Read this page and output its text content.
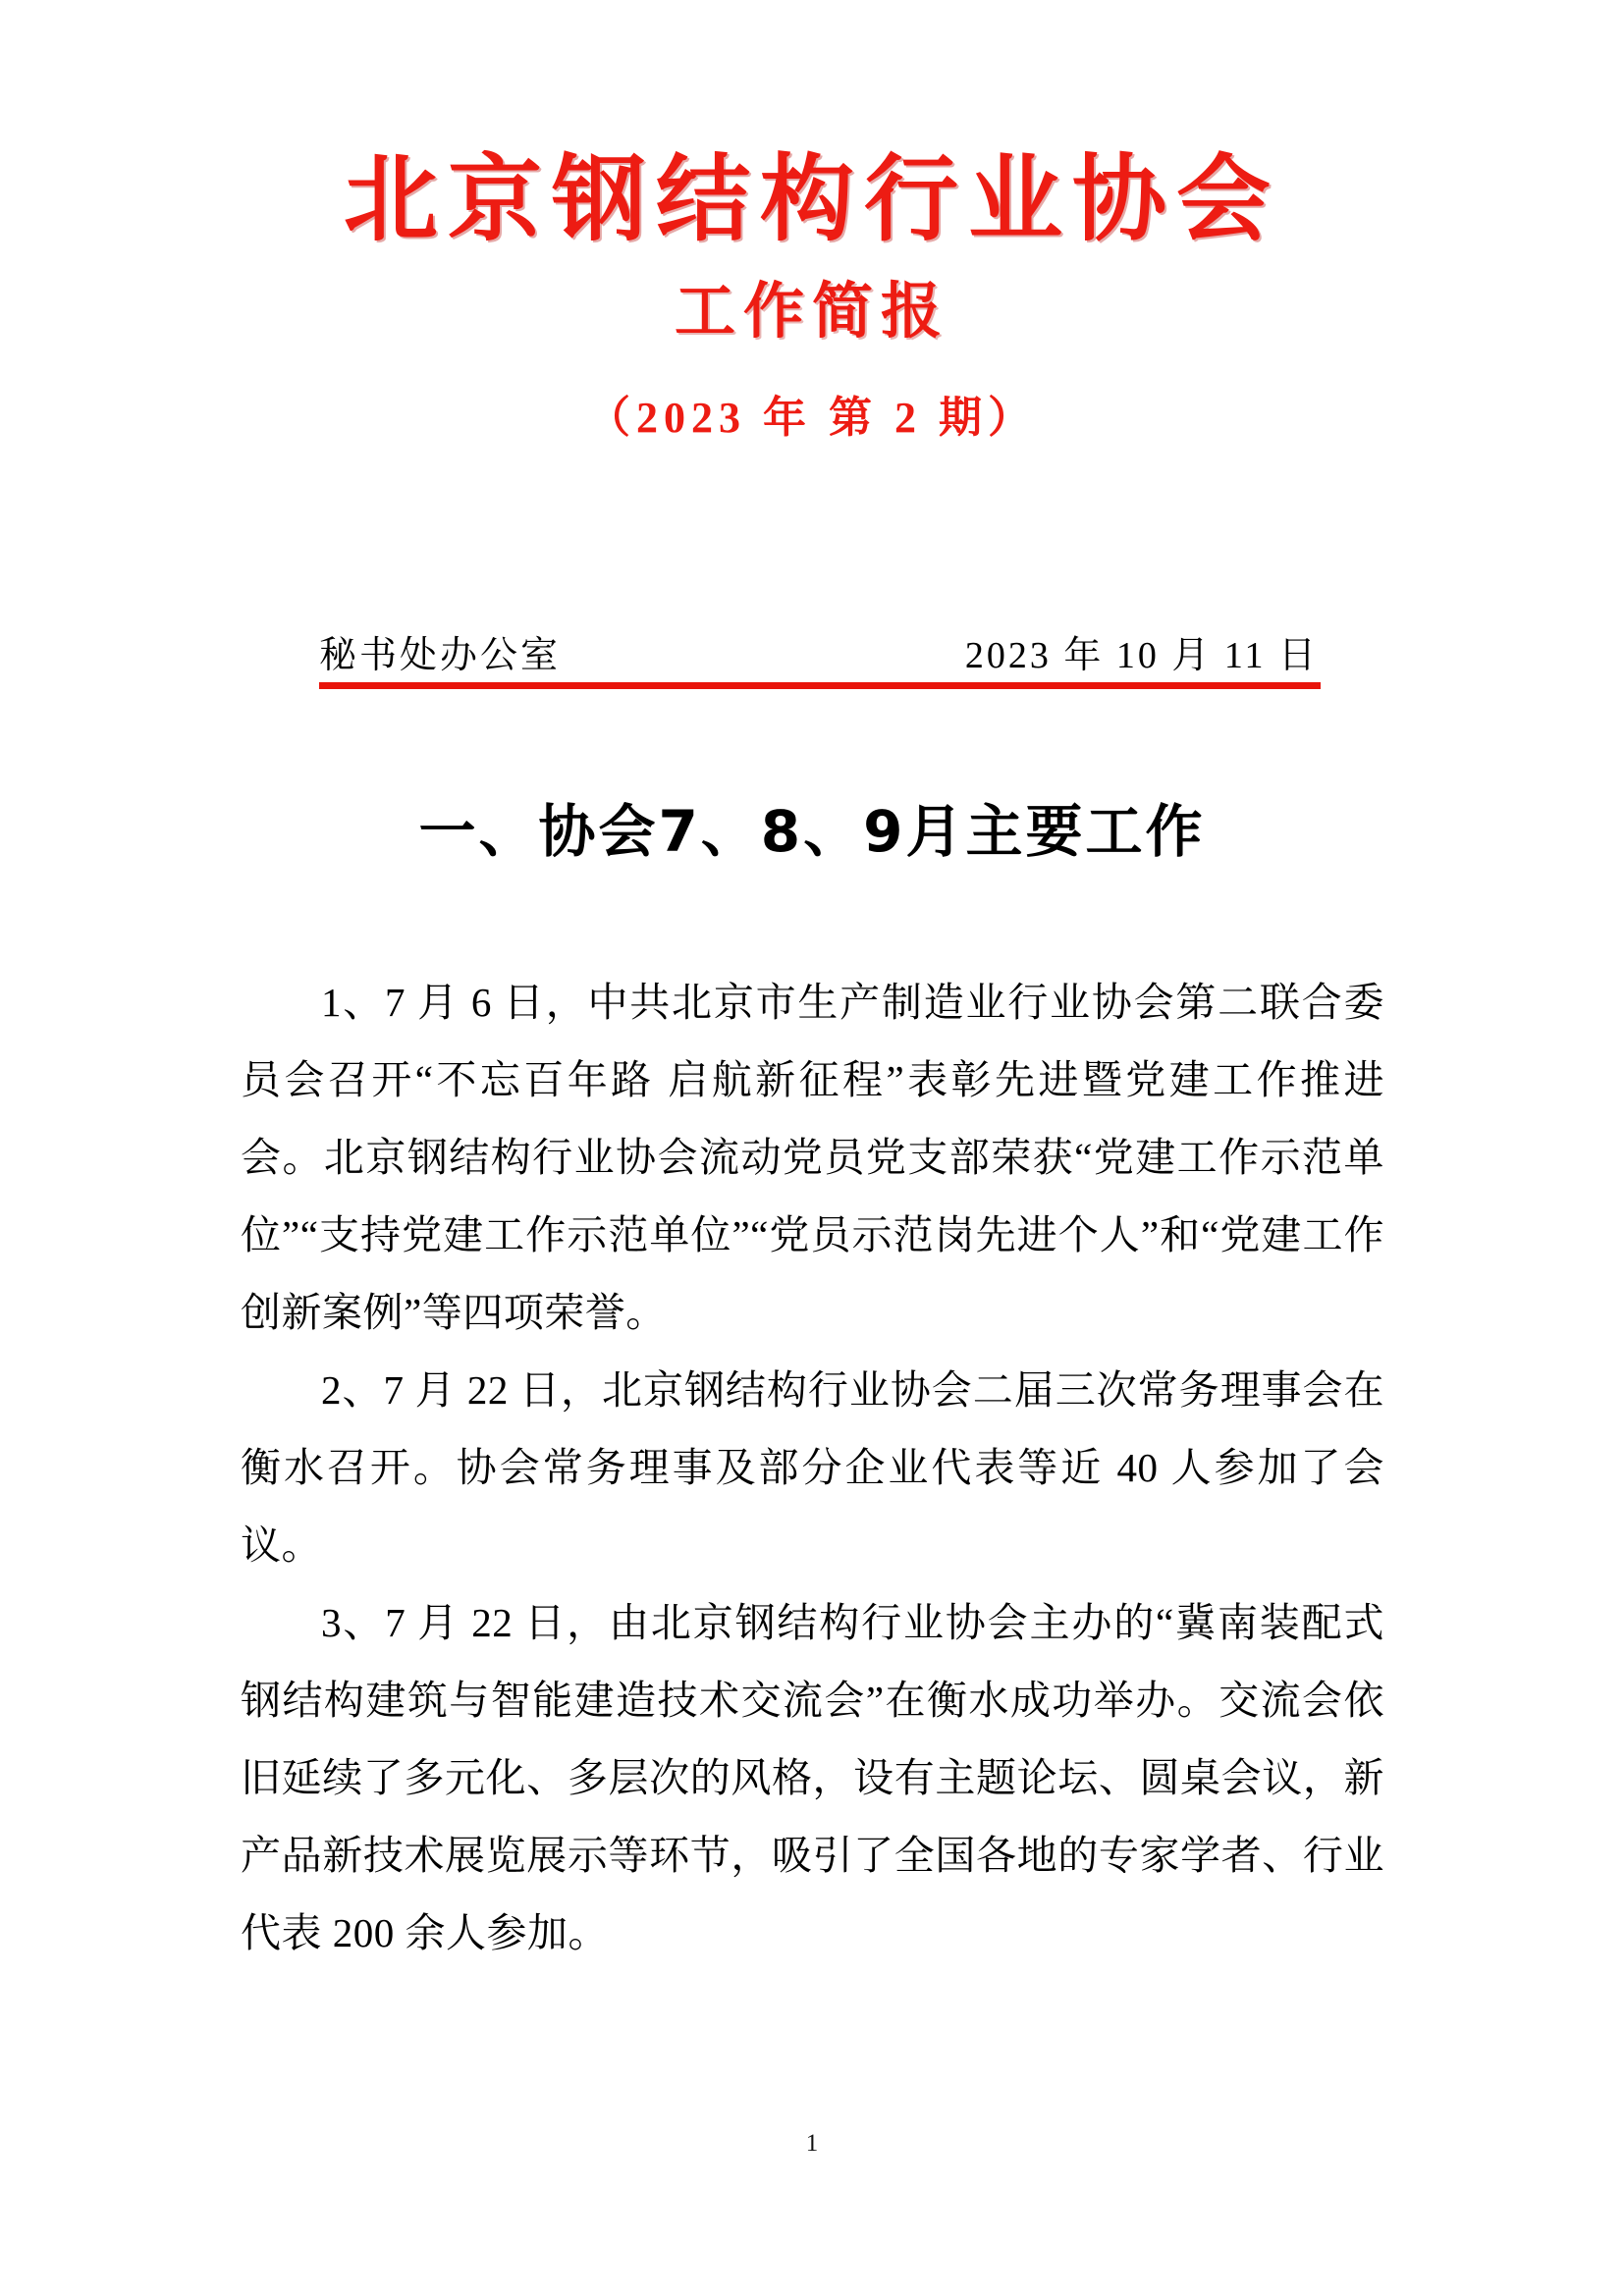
北京钢结构行业协会
工作简报
（2023 年 第 2 期）
秘书处办公室	2023 年 10 月 11 日
一、协会7、8、9月主要工作

1、7 月 6 日，中共北京市生产制造业行业协会第二联合委员会召开“不忘百年路 启航新征程”表彰先进暨党建工作推进会。北京钢结构行业协会流动党员党支部荣获“党建工作示范单位”“支持党建工作示范单位”“党员示范岗先进个人”和“党建工作创新案例”等四项荣誉。

2、7 月 22 日，北京钢结构行业协会二届三次常务理事会在衡水召开。协会常务理事及部分企业代表等近 40 人参加了会议。

3、7 月 22 日，由北京钢结构行业协会主办的“冀南装配式钢结构建筑与智能建造技术交流会”在衡水成功举办。交流会依旧延续了多元化、多层次的风格，设有主题论坛、圆桌会议，新产品新技术展览展示等环节，吸引了全国各地的专家学者、行业代表 200 余人参加。

1
